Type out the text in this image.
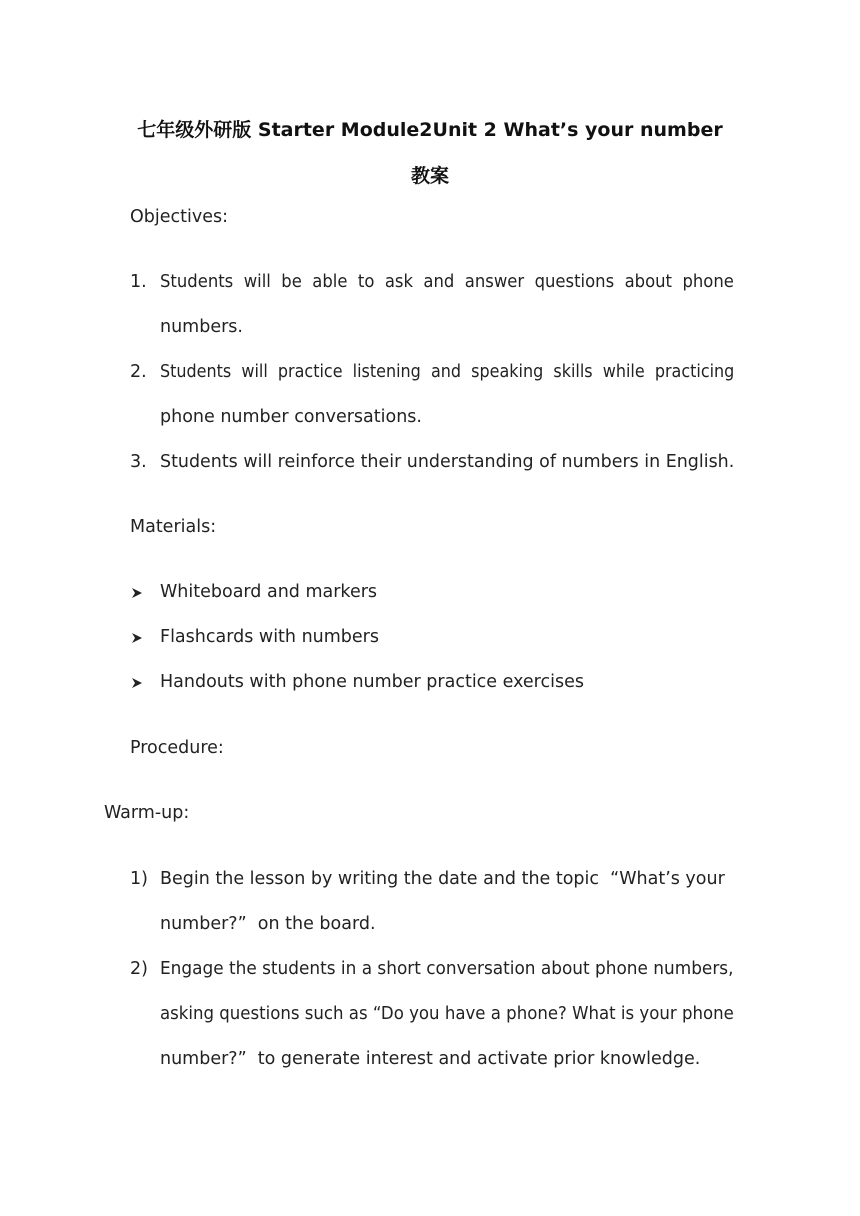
七年级外研版 Starter Module2Unit 2 What’s your number
教案
Objectives:
1. Students  will  be  able  to  ask  and  answer  questions  about  phone
numbers.
2. Students  will  practice  listening  and  speaking  skills  while  practicing
phone number conversations.
3. Students will reinforce their understanding of numbers in English.
Materials:
Whiteboard and markers
Flashcards with numbers
Handouts with phone number practice exercises
Procedure:
Warm-up:
1) Begin the lesson by writing the date and the topic  “What’s your
number?”  on the board.
2) Engage the students in a short conversation about phone numbers,
asking questions such as “Do you have a phone? What is your phone
number?”  to generate interest and activate prior knowledge.
